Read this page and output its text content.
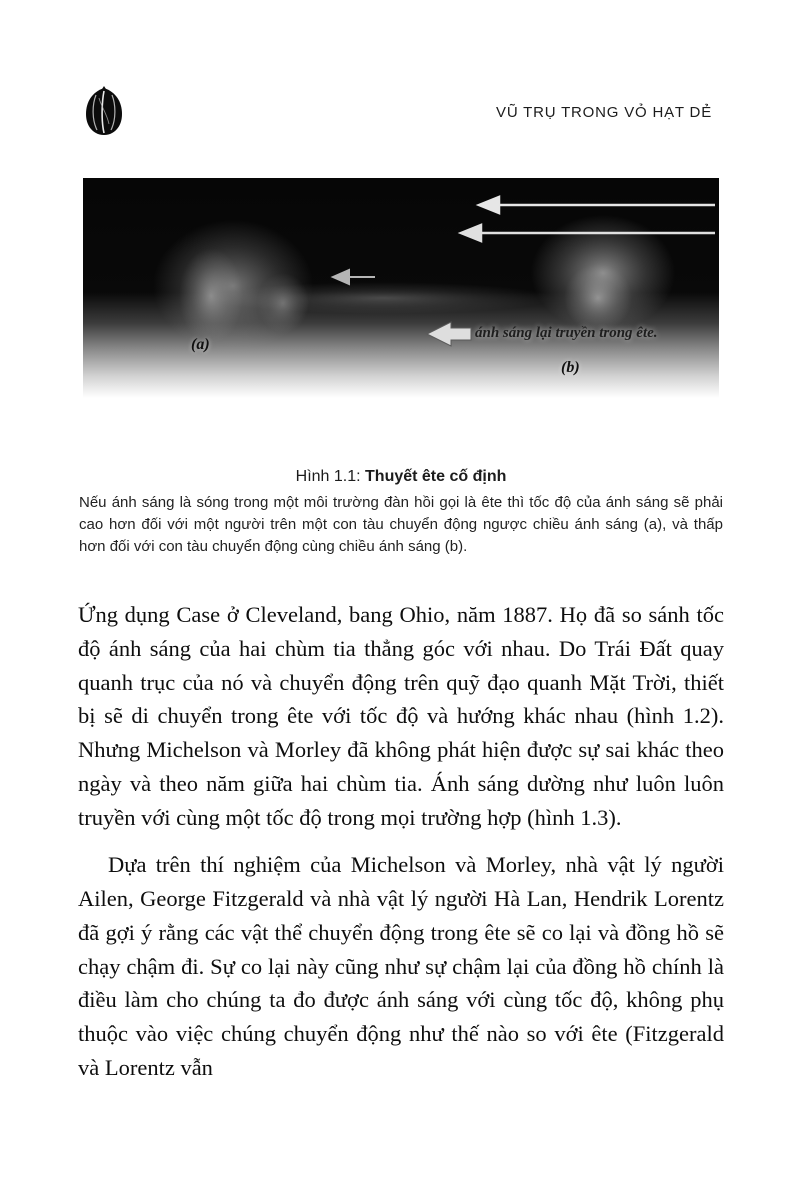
VŨ TRỤ TRONG VỎ HẠT DẺ
ánh sáng lại truyền trong ête.
(a)
(b)
Hình 1.1: Thuyết ête cố định

Nếu ánh sáng là sóng trong một môi trường đàn hồi gọi là ête thì tốc độ của ánh sáng sẽ phải cao hơn đối với một người trên một con tàu chuyển động ngược chiều ánh sáng (a), và thấp hơn đối với con tàu chuyển động cùng chiều ánh sáng (b).

Ứng dụng Case ở Cleveland, bang Ohio, năm 1887. Họ đã so sánh tốc độ ánh sáng của hai chùm tia thẳng góc với nhau. Do Trái Đất quay quanh trục của nó và chuyển động trên quỹ đạo quanh Mặt Trời, thiết bị sẽ di chuyển trong ête với tốc độ và hướng khác nhau (hình 1.2). Nhưng Michelson và Morley đã không phát hiện được sự sai khác theo ngày và theo năm giữa hai chùm tia. Ánh sáng dường như luôn luôn truyền với cùng một tốc độ trong mọi trường hợp (hình 1.3).

Dựa trên thí nghiệm của Michelson và Morley, nhà vật lý người Ailen, George Fitzgerald và nhà vật lý người Hà Lan, Hendrik Lorentz đã gợi ý rằng các vật thể chuyển động trong ête sẽ co lại và đồng hồ sẽ chạy chậm đi. Sự co lại này cũng như sự chậm lại của đồng hồ chính là điều làm cho chúng ta đo được ánh sáng với cùng tốc độ, không phụ thuộc vào việc chúng chuyển động như thế nào so với ête (Fitzgerald và Lorentz vẫn
